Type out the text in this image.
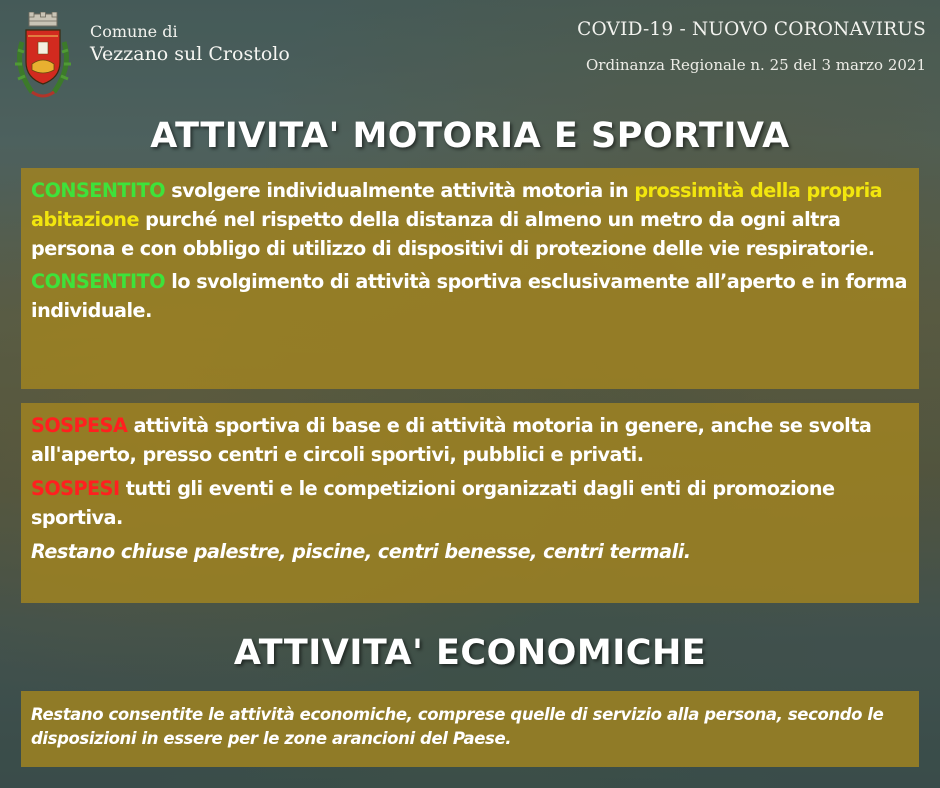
Comune di
Vezzano sul Crostolo
COVID-19 - NUOVO CORONAVIRUS
Ordinanza Regionale n. 25 del 3 marzo 2021
ATTIVITA' MOTORIA E SPORTIVA
CONSENTITO svolgere individualmente attività motoria in prossimità della propria abitazione purché nel rispetto della distanza di almeno un metro da ogni altra persona e con obbligo di utilizzo di dispositivi di protezione delle vie respiratorie.
CONSENTITO lo svolgimento di attività sportiva esclusivamente all’aperto e in forma individuale.
SOSPESA attività sportiva di base e di attività motoria in genere, anche se svolta all'aperto, presso centri e circoli sportivi, pubblici e privati.
SOSPESI tutti gli eventi e le competizioni organizzati dagli enti di promozione sportiva.
Restano chiuse palestre, piscine, centri benesse, centri termali.
ATTIVITA' ECONOMICHE
Restano consentite le attività economiche, comprese quelle di servizio alla persona, secondo le disposizioni in essere per le zone arancioni del Paese.
